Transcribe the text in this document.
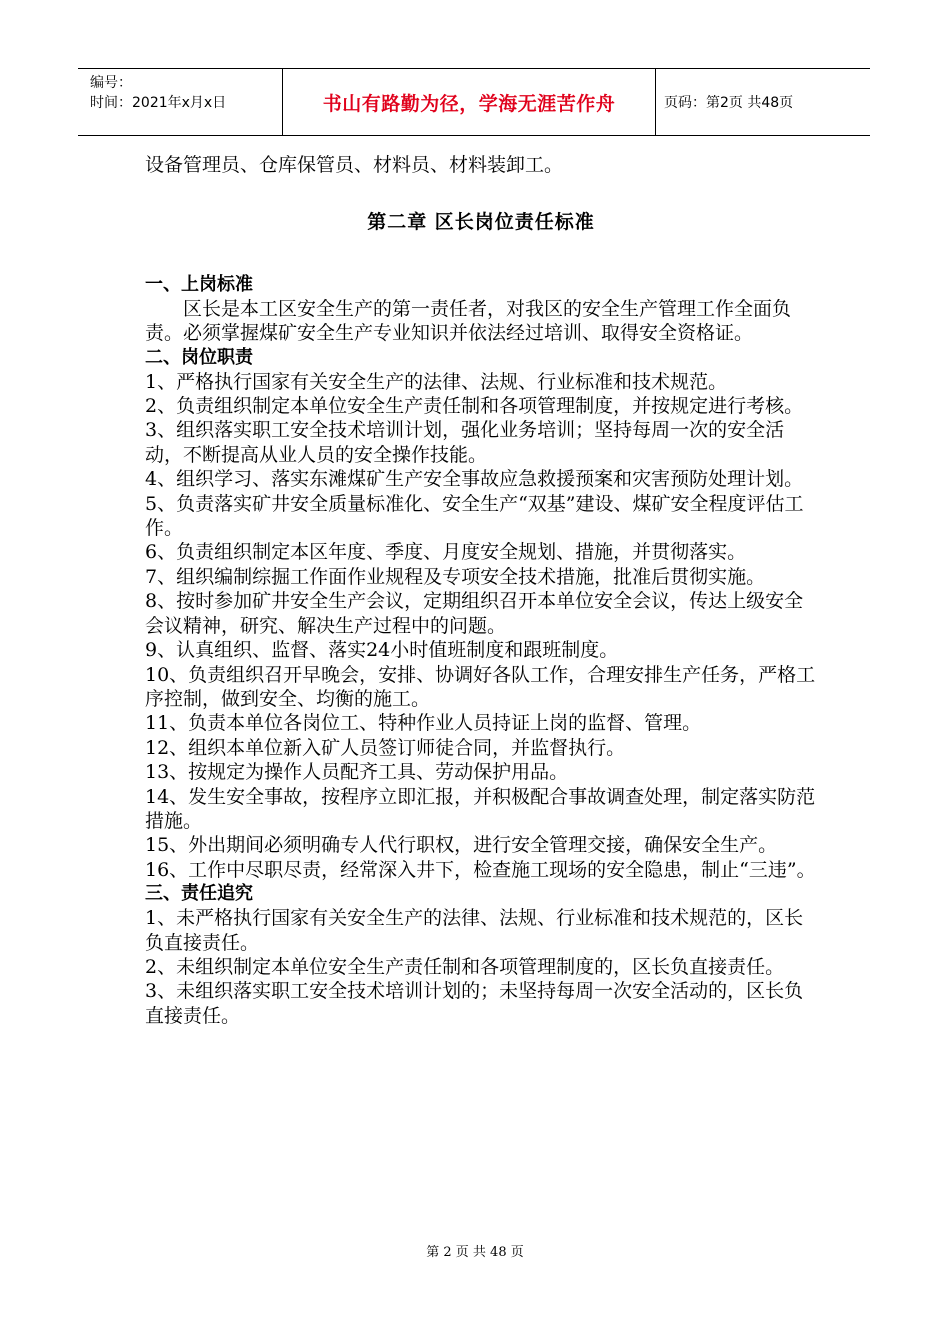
编号：
时间：2021年x月x日	书山有路勤为径，学海无涯苦作舟	页码：第2页 共48页

设备管理员、仓库保管员、材料员、材料装卸工。

第二章 区长岗位责任标准

一、上岗标准

区长是本工区安全生产的第一责任者，对我区的安全生产管理工作全面负责。必须掌握煤矿安全生产专业知识并依法经过培训、取得安全资格证。

二、岗位职责

1、严格执行国家有关安全生产的法律、法规、行业标准和技术规范。

2、负责组织制定本单位安全生产责任制和各项管理制度，并按规定进行考核。

3、组织落实职工安全技术培训计划，强化业务培训；坚持每周一次的安全活动，不断提高从业人员的安全操作技能。

4、组织学习、落实东滩煤矿生产安全事故应急救援预案和灾害预防处理计划。

5、负责落实矿井安全质量标准化、安全生产“双基”建设、煤矿安全程度评估工作。

6、负责组织制定本区年度、季度、月度安全规划、措施，并贯彻落实。

7、组织编制综掘工作面作业规程及专项安全技术措施，批准后贯彻实施。

8、按时参加矿井安全生产会议，定期组织召开本单位安全会议，传达上级安全会议精神，研究、解决生产过程中的问题。

9、认真组织、监督、落实24小时值班制度和跟班制度。

10、负责组织召开早晚会，安排、协调好各队工作，合理安排生产任务，严格工序控制，做到安全、均衡的施工。

11、负责本单位各岗位工、特种作业人员持证上岗的监督、管理。

12、组织本单位新入矿人员签订师徒合同，并监督执行。

13、按规定为操作人员配齐工具、劳动保护用品。

14、发生安全事故，按程序立即汇报，并积极配合事故调查处理，制定落实防范措施。

15、外出期间必须明确专人代行职权，进行安全管理交接，确保安全生产。

16、工作中尽职尽责，经常深入井下，检查施工现场的安全隐患，制止“三违”。

三、责任追究

1、未严格执行国家有关安全生产的法律、法规、行业标准和技术规范的，区长负直接责任。

2、未组织制定本单位安全生产责任制和各项管理制度的，区长负直接责任。

3、未组织落实职工安全技术培训计划的；未坚持每周一次安全活动的，区长负直接责任。

第 2 页 共 48 页
